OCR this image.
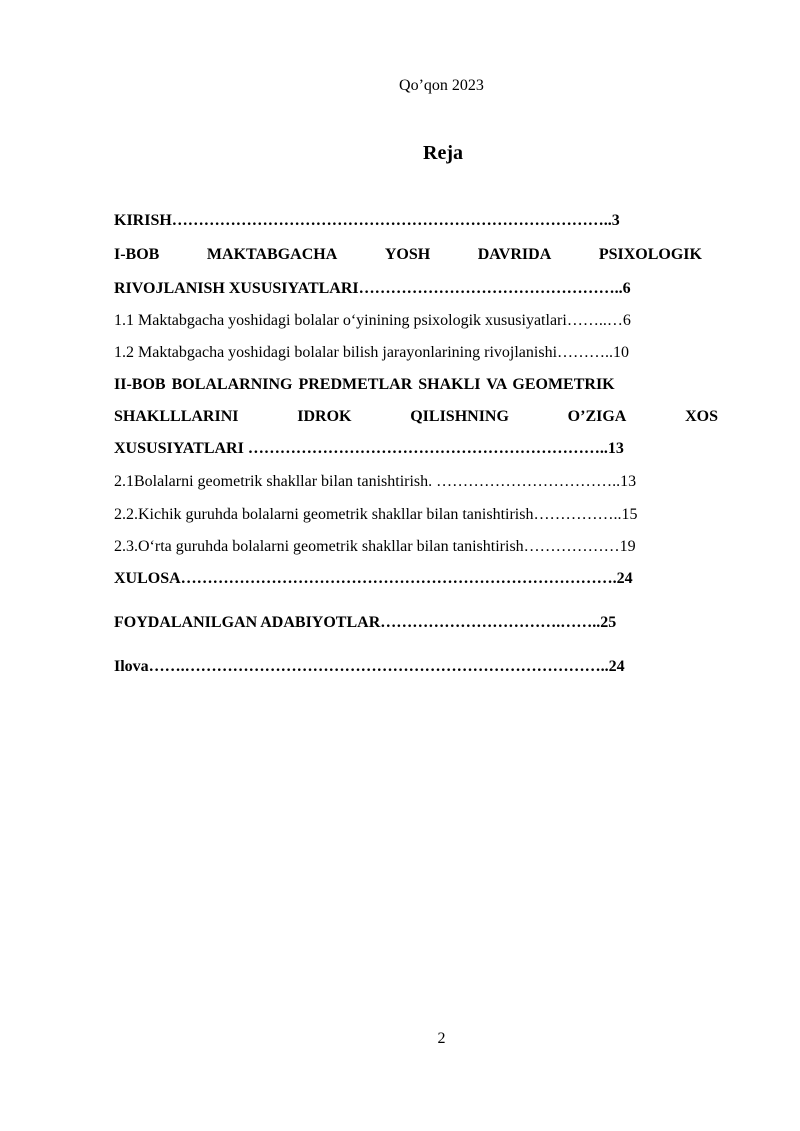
Qo’qon 2023
Reja
KIRISH………………………………………………………………………..3
I-BOB	MAKTABGACHA	YOSH	DAVRIDA	PSIXOLOGIK
RIVOJLANISH XUSUSIYATLARI…………………………………………..6
1.1 Maktabgacha yoshidagi bolalar o‘yinining psixologik xususiyatlari……..…6
1.2 Maktabgacha yoshidagi bolalar bilish jarayonlarining rivojlanishi………..10
II-BOB BOLALARNING PREDMETLAR SHAKLI VA GEOMETRIK
SHAKLLLARINI	IDROK	QILISHNING	O’ZIGA	XOS
XUSUSIYATLARI …………………………………………………………..13
2.1Bolalarni geometrik shakllar bilan tanishtirish. ……………………………..13
2.2.Kichik guruhda bolalarni geometrik shakllar bilan tanishtirish……………..15
2.3.O‘rta guruhda bolalarni geometrik shakllar bilan tanishtirish………………19
XULOSA……………………………………………………………………….24
FOYDALANILGAN ADABIYOTLAR…………………………….……..25
Ilova…….……………………………………………………………………..24
2
